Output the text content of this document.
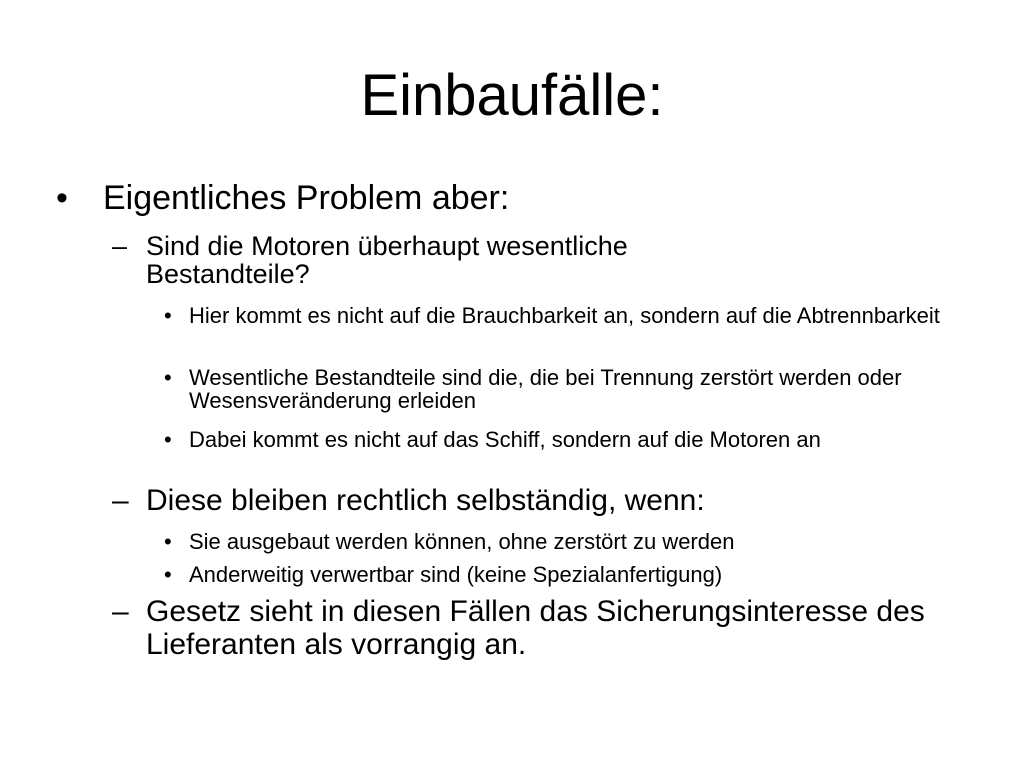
Einbaufälle:
•	Eigentliches Problem aber:
– Sind die Motoren überhaupt wesentliche Bestandteile?
• Hier kommt es nicht auf die Brauchbarkeit an, sondern auf die Abtrennbarkeit
• Wesentliche Bestandteile sind die, die bei Trennung zerstört werden oder Wesensveränderung erleiden
• Dabei kommt es nicht auf das Schiff, sondern auf die Motoren an
– Diese bleiben rechtlich selbständig, wenn:
• Sie ausgebaut werden können, ohne zerstört zu werden
• Anderweitig verwertbar sind (keine Spezialanfertigung)
– Gesetz sieht in diesen Fällen das Sicherungsinteresse des Lieferanten als vorrangig an.
